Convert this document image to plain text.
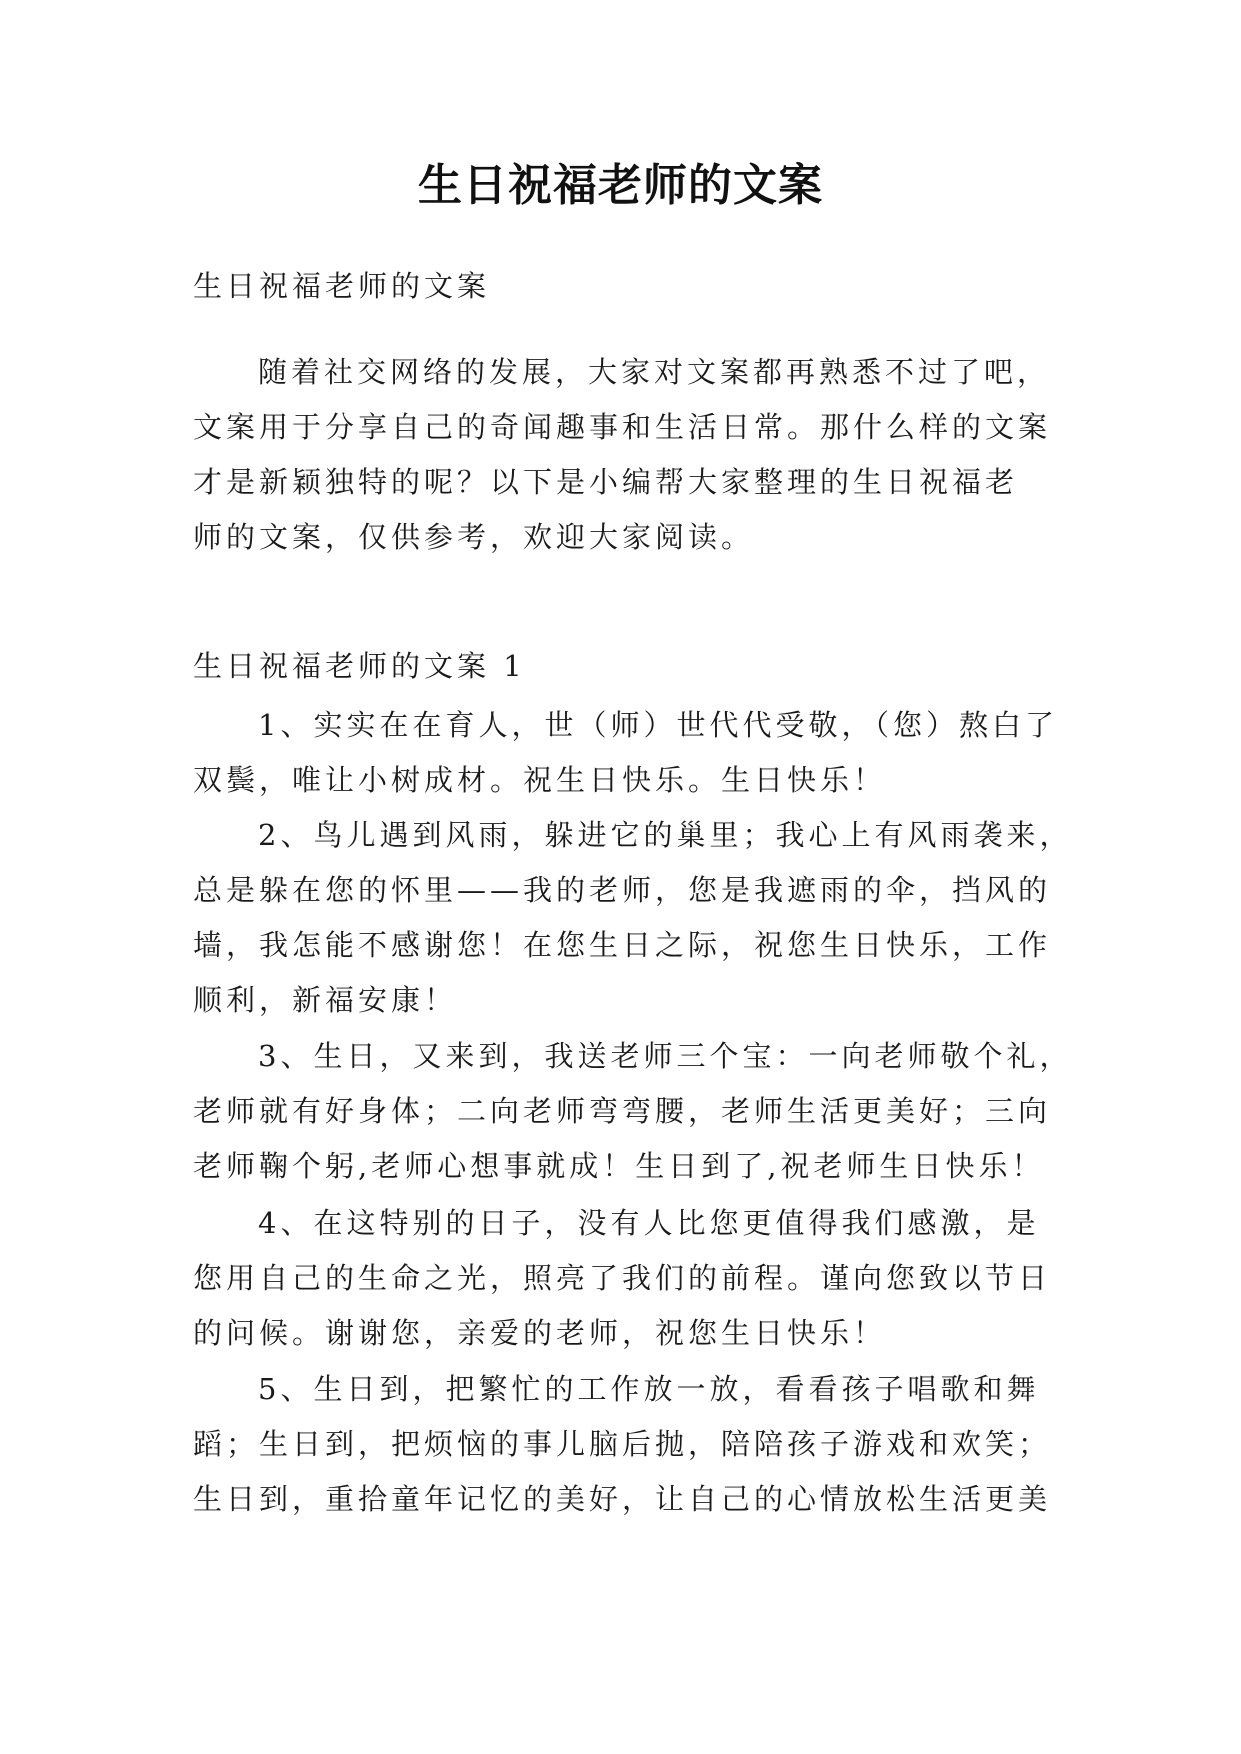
生日祝福老师的文案
生日祝福老师的文案
随着社交网络的发展，大家对文案都再熟悉不过了吧，
文案用于分享自己的奇闻趣事和生活日常。那什么样的文案
才是新颖独特的呢？以下是小编帮大家整理的生日祝福老
师的文案，仅供参考，欢迎大家阅读。
生日祝福老师的文案 1
1、实实在在育人，世（师）世代代受敬，（您）熬白了
双鬓，唯让小树成材。祝生日快乐。生日快乐！
2、鸟儿遇到风雨，躲进它的巢里；我心上有风雨袭来，
总是躲在您的怀里——我的老师，您是我遮雨的伞，挡风的
墙，我怎能不感谢您！在您生日之际，祝您生日快乐，工作
顺利，新福安康！
3、生日，又来到，我送老师三个宝：一向老师敬个礼，
老师就有好身体；二向老师弯弯腰，老师生活更美好；三向
老师鞠个躬,老师心想事就成！生日到了,祝老师生日快乐！
4、在这特别的日子，没有人比您更值得我们感激，是
您用自己的生命之光，照亮了我们的前程。谨向您致以节日
的问候。谢谢您，亲爱的老师，祝您生日快乐！
5、生日到，把繁忙的工作放一放，看看孩子唱歌和舞
蹈；生日到，把烦恼的事儿脑后抛，陪陪孩子游戏和欢笑；
生日到，重拾童年记忆的美好，让自己的心情放松生活更美
